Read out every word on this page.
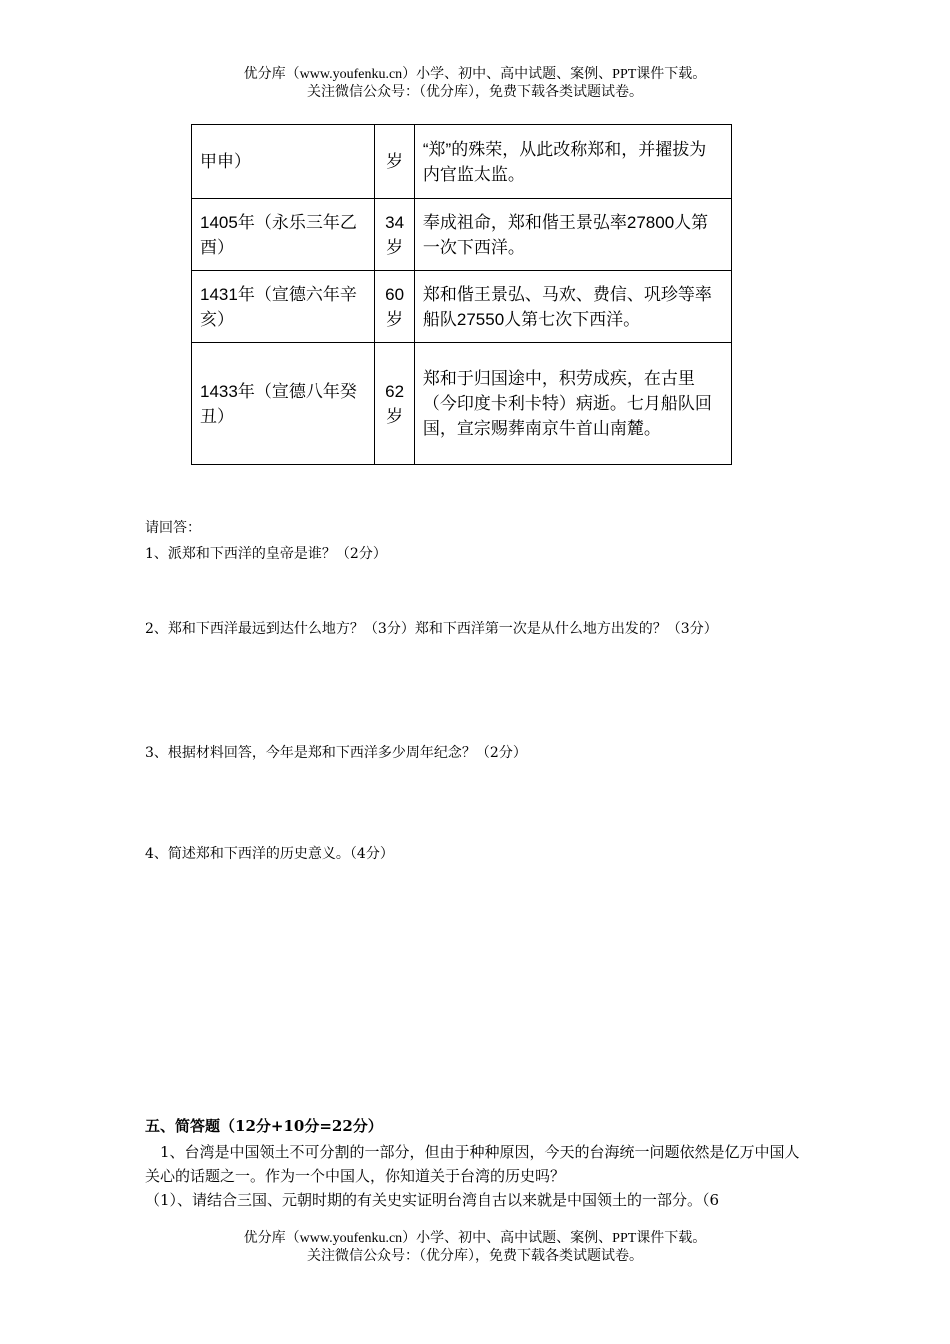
优分库（www.youfenku.cn）小学、初中、高中试题、案例、PPT课件下载。
关注微信公众号：（优分库），免费下载各类试题试卷。
甲申）	岁	“郑”的殊荣，从此改称郑和，并擢拔为内官监太监。
1405年（永乐三年乙酉）	34岁	奉成祖命，郑和偕王景弘率27800人第一次下西洋。
1431年（宣德六年辛亥）	60岁	郑和偕王景弘、马欢、费信、巩珍等率船队27550人第七次下西洋。
1433年（宣德八年癸丑）	62岁	郑和于归国途中，积劳成疾，在古里（今印度卡利卡特）病逝。七月船队回国，宣宗赐葬南京牛首山南麓。
请回答：
1、派郑和下西洋的皇帝是谁？（2分）
2、郑和下西洋最远到达什么地方？（3分）郑和下西洋第一次是从什么地方出发的？（3分）
3、根据材料回答，今年是郑和下西洋多少周年纪念？（2分）
4、简述郑和下西洋的历史意义。（4分）
五、简答题（12分+10分=22分）
1、台湾是中国领土不可分割的一部分，但由于种种原因，今天的台海统一问题依然是亿万中国人关心的话题之一。作为一个中国人，你知道关于台湾的历史吗？
（1）、请结合三国、元朝时期的有关史实证明台湾自古以来就是中国领土的一部分。（6
优分库（www.youfenku.cn）小学、初中、高中试题、案例、PPT课件下载。
关注微信公众号：（优分库），免费下载各类试题试卷。
